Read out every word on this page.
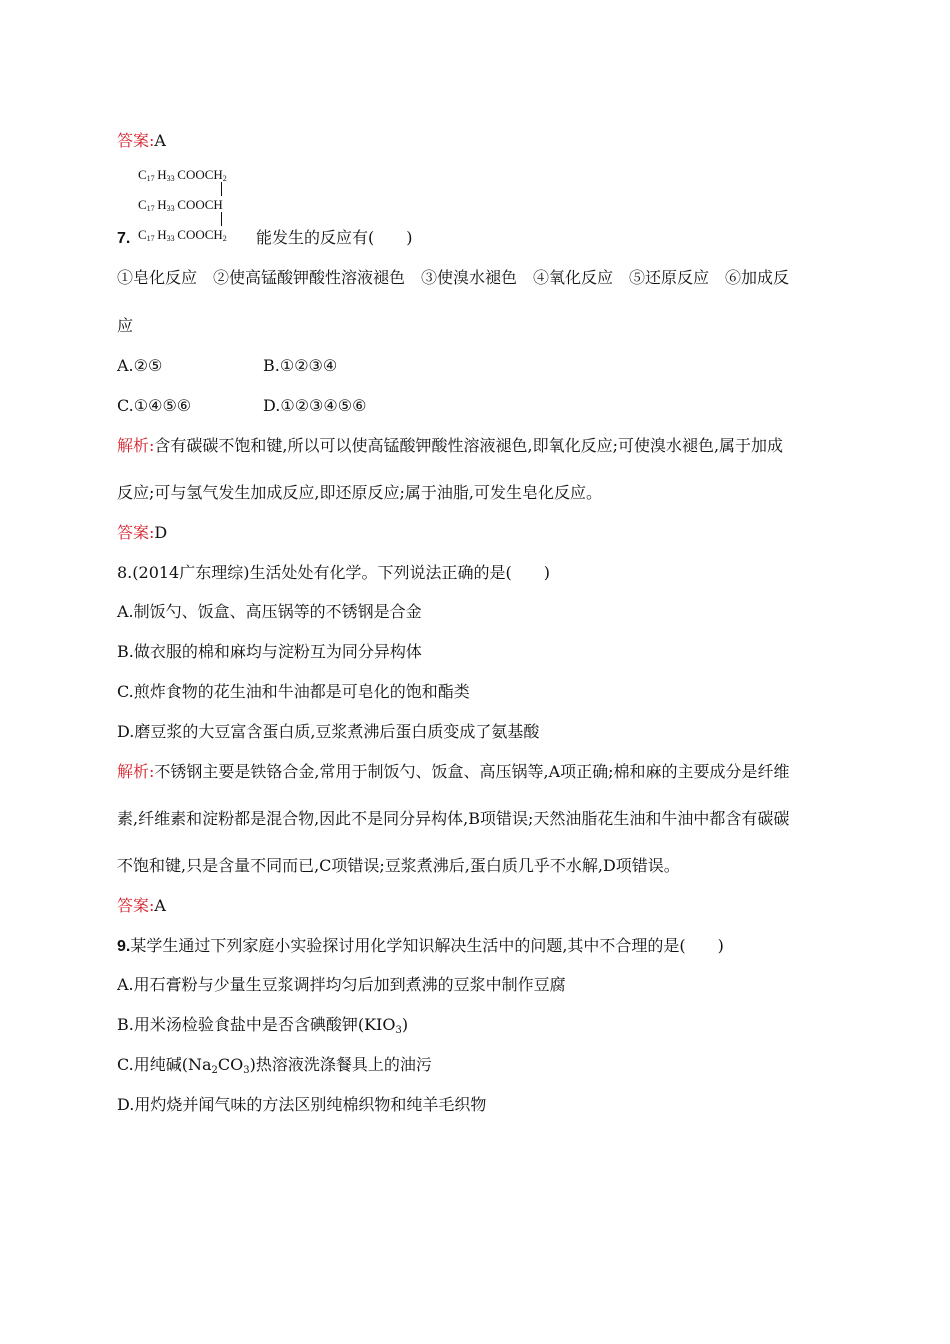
答案:A
$C_{17}$  $H_{33}$  $COOCH_2$
$C_{17}$  $H_{33}$  COOCH
7. $C_{17}$  $H_{33}$  $COOCH_2$ 能发生的反应有(　　)
①皂化反应　②使高锰酸钾酸性溶液褪色　③使溴水褪色　④氧化反应　⑤还原反应　⑥加成反
应
A.②⑤	B.①②③④
C.①④⑤⑥	D.①②③④⑤⑥
解析:含有碳碳不饱和键,所以可以使高锰酸钾酸性溶液褪色,即氧化反应;可使溴水褪色,属于加成
反应;可与氢气发生加成反应,即还原反应;属于油脂,可发生皂化反应。
答案:D
8.(2014广东理综)生活处处有化学。下列说法正确的是(　　)
A.制饭勺、饭盒、高压锅等的不锈钢是合金
B.做衣服的棉和麻均与淀粉互为同分异构体
C.煎炸食物的花生油和牛油都是可皂化的饱和酯类
D.磨豆浆的大豆富含蛋白质,豆浆煮沸后蛋白质变成了氨基酸
解析:不锈钢主要是铁铬合金,常用于制饭勺、饭盒、高压锅等,A项正确;棉和麻的主要成分是纤维
素,纤维素和淀粉都是混合物,因此不是同分异构体,B项错误;天然油脂花生油和牛油中都含有碳碳
不饱和键,只是含量不同而已,C项错误;豆浆煮沸后,蛋白质几乎不水解,D项错误。
答案:A
9.某学生通过下列家庭小实验探讨用化学知识解决生活中的问题,其中不合理的是(　　)
A.用石膏粉与少量生豆浆调拌均匀后加到煮沸的豆浆中制作豆腐
B.用米汤检验食盐中是否含碘酸钾$(KIO_3)$
C.用纯碱$(Na_2CO_3)$热溶液洗涤餐具上的油污
D.用灼烧并闻气味的方法区别纯棉织物和纯羊毛织物
